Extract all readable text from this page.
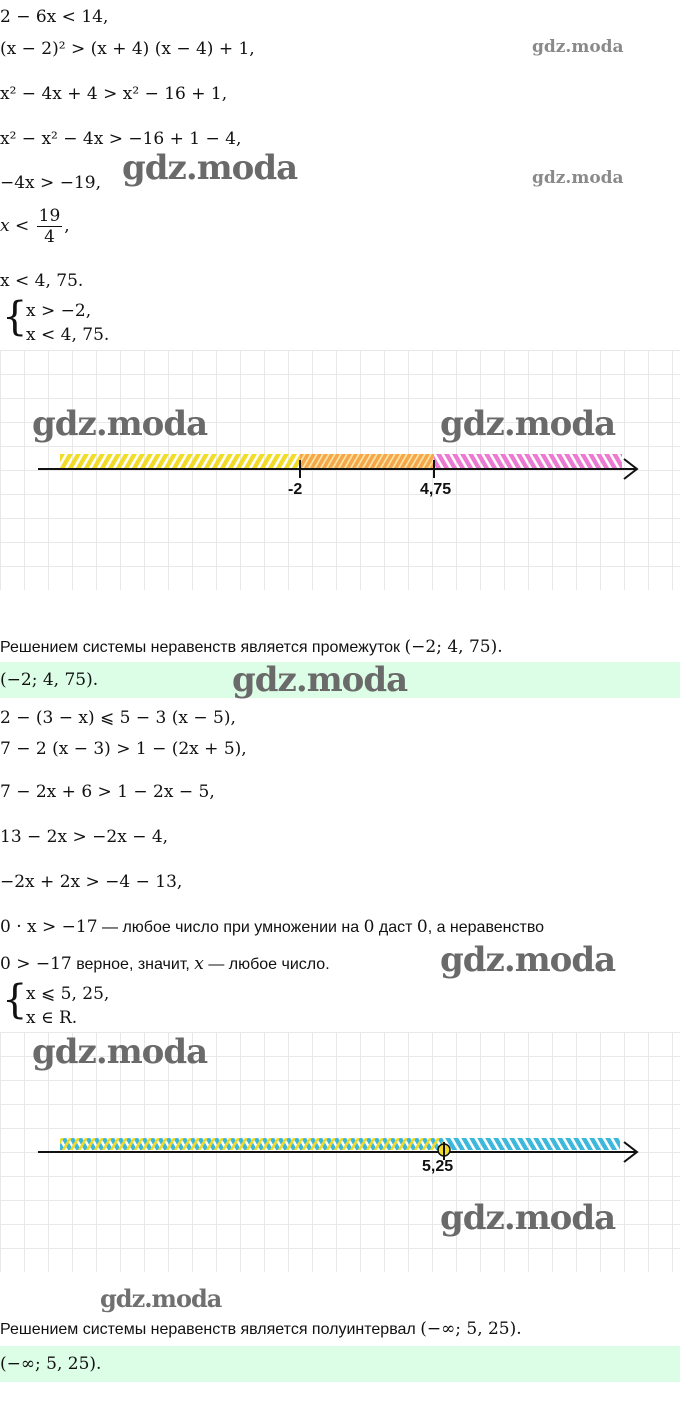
2 − 6x < 14,
(x − 2)² > (x + 4) (x − 4) + 1,
x² − 4x + 4 > x² − 16 + 1,
x² − x² − 4x > −16 + 1 − 4,
−4x > −19,
$x < \frac{19}{4}$ ,
x < 4, 75.
{
x > −2,
x < 4, 75.
gdz.moda
gdz.moda	gdz.moda
-2	4,75
gdz.moda	gdz.moda
Решением системы неравенств является промежуток (−2; 4, 75).
(−2; 4, 75).	gdz.moda
2 − (3 − x) ⩽ 5 − 3 (x − 5),
7 − 2 (x − 3) > 1 − (2x + 5),
7 − 2x + 6 > 1 − 2x − 5,
13 − 2x > −2x − 4,
−2x + 2x > −4 − 13,
0 · x > −17 — любое число при умножении на 0 даст 0, а неравенство
0 > −17 верное, значит, x — любое число.	gdz.moda
{
x ⩽ 5, 25,
x ∈ R.
5,25
gdz.moda
gdz.moda
gdz.moda
Решением системы неравенств является полуинтервал (−∞; 5, 25).
(−∞; 5, 25).
